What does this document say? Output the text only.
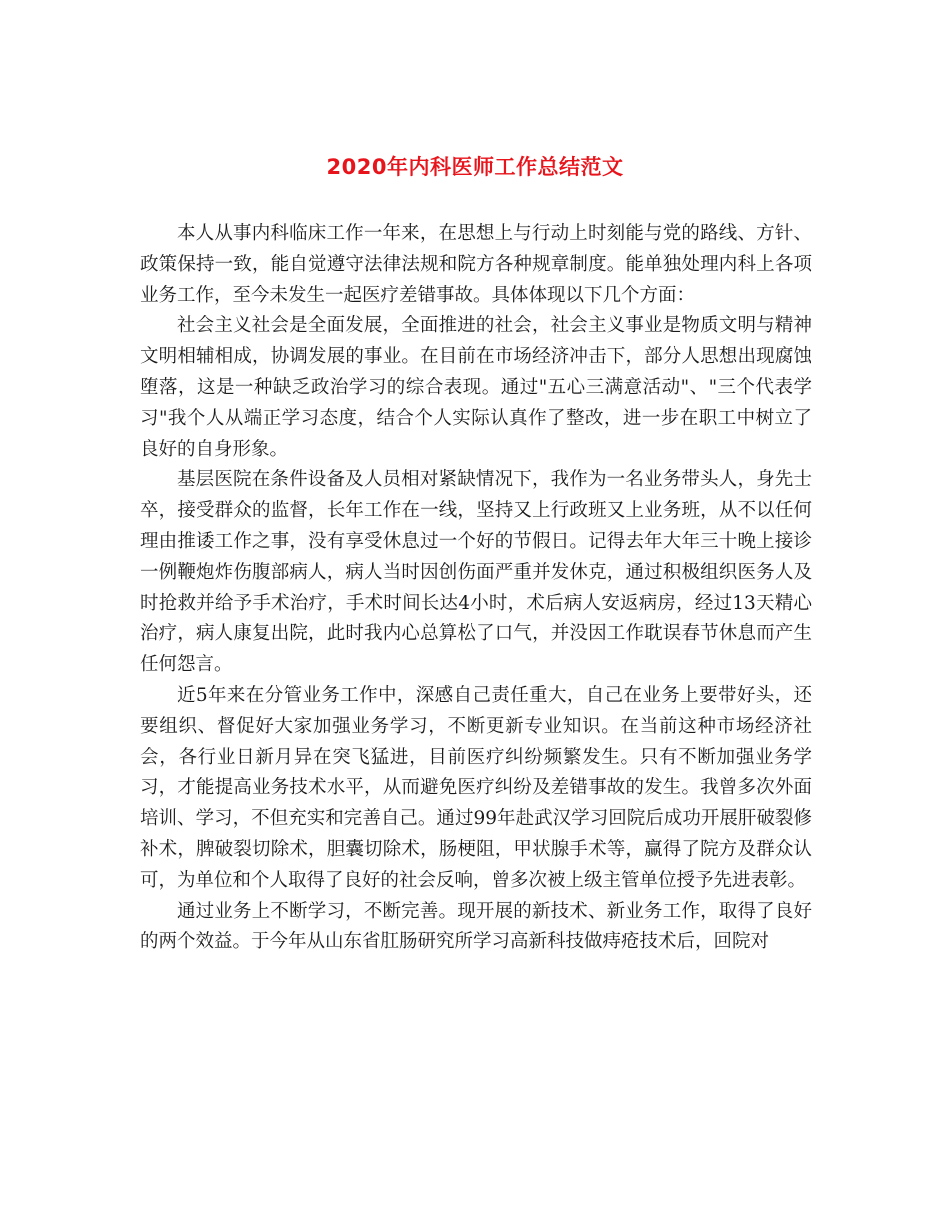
2020年内科医师工作总结范文

本人从事内科临床工作一年来，在思想上与行动上时刻能与党的路线、方针、政策保持一致，能自觉遵守法律法规和院方各种规章制度。能单独处理内科上各项业务工作，至今未发生一起医疗差错事故。具体体现以下几个方面：

社会主义社会是全面发展，全面推进的社会，社会主义事业是物质文明与精神文明相辅相成，协调发展的事业。在目前在市场经济冲击下，部分人思想出现腐蚀堕落，这是一种缺乏政治学习的综合表现。通过"五心三满意活动"、"三个代表学习"我个人从端正学习态度，结合个人实际认真作了整改，进一步在职工中树立了良好的自身形象。

基层医院在条件设备及人员相对紧缺情况下，我作为一名业务带头人，身先士卒，接受群众的监督，长年工作在一线，坚持又上行政班又上业务班，从不以任何理由推诿工作之事，没有享受休息过一个好的节假日。记得去年大年三十晚上接诊一例鞭炮炸伤腹部病人，病人当时因创伤面严重并发休克，通过积极组织医务人及时抢救并给予手术治疗，手术时间长达4小时，术后病人安返病房，经过13天精心治疗，病人康复出院，此时我内心总算松了口气，并没因工作耽误春节休息而产生任何怨言。

近5年来在分管业务工作中，深感自己责任重大，自己在业务上要带好头，还要组织、督促好大家加强业务学习，不断更新专业知识。在当前这种市场经济社会，各行业日新月异在突飞猛进，目前医疗纠纷频繁发生。只有不断加强业务学习，才能提高业务技术水平，从而避免医疗纠纷及差错事故的发生。我曾多次外面培训、学习，不但充实和完善自己。通过99年赴武汉学习回院后成功开展肝破裂修补术，脾破裂切除术，胆囊切除术，肠梗阻，甲状腺手术等，赢得了院方及群众认可，为单位和个人取得了良好的社会反响，曾多次被上级主管单位授予先进表彰。

通过业务上不断学习，不断完善。现开展的新技术、新业务工作，取得了良好的两个效益。于今年从山东省肛肠研究所学习高新科技做痔疮技术后，回院对
